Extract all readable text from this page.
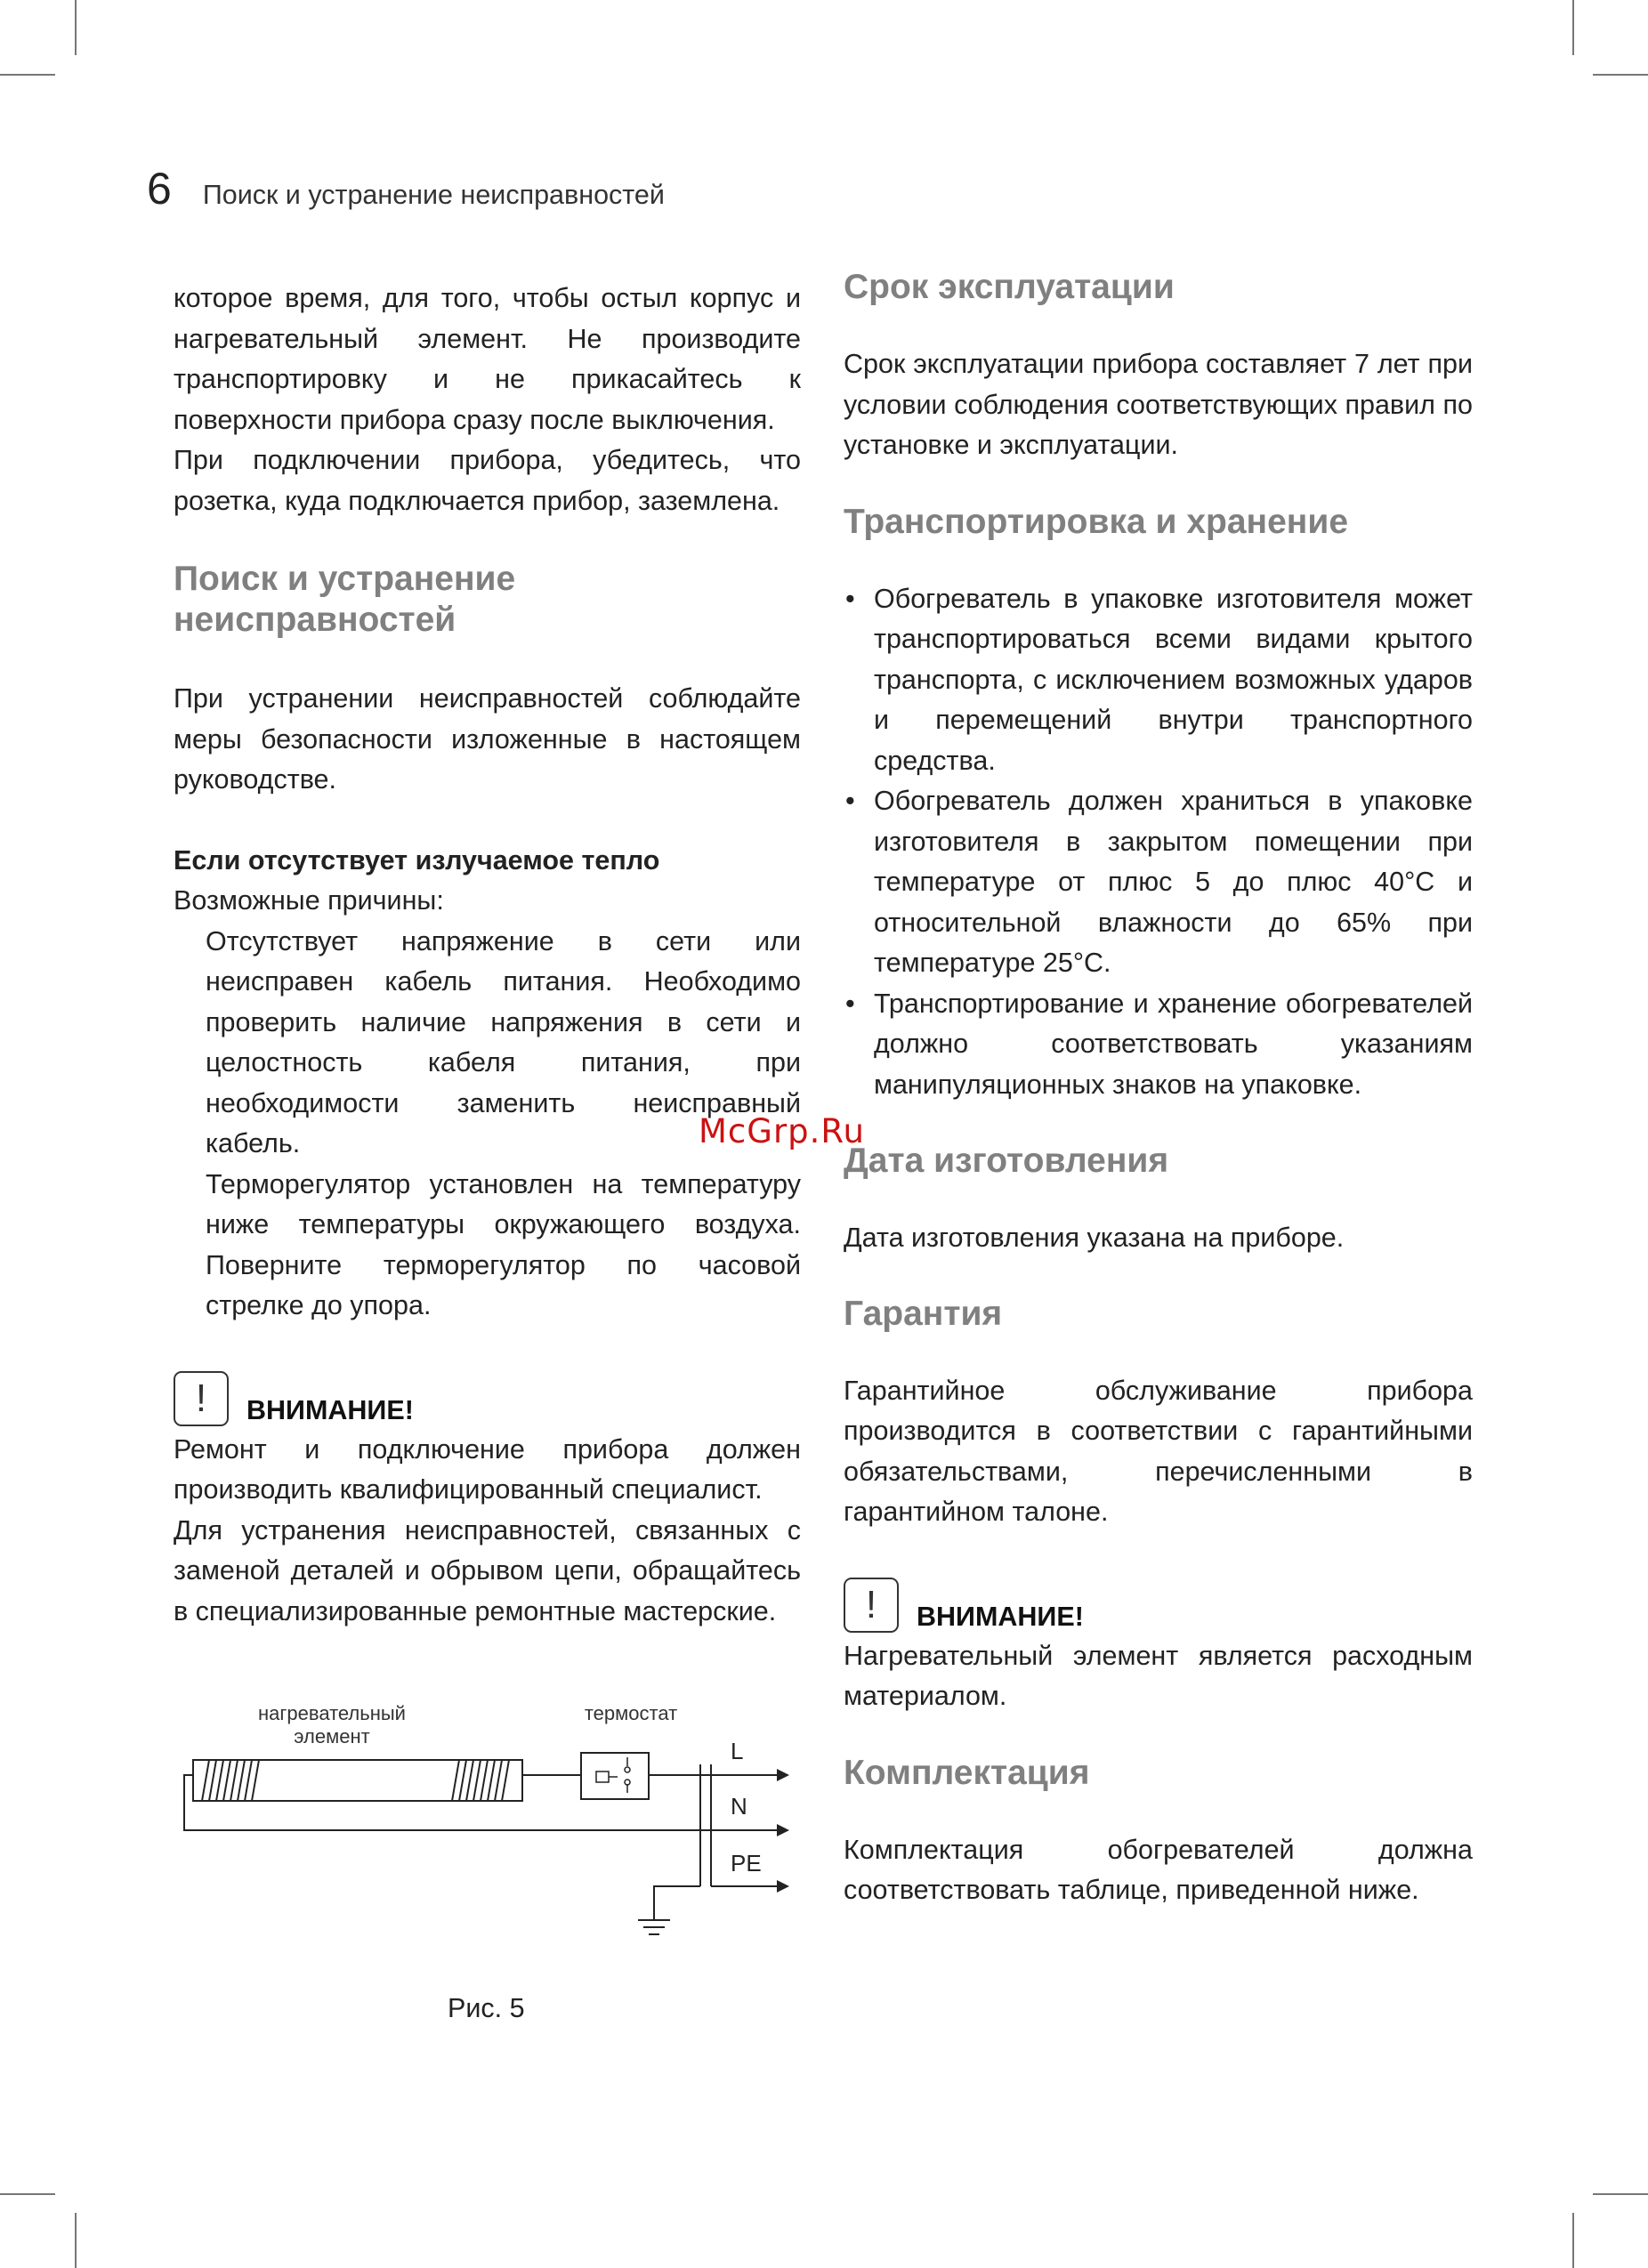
6 Поиск и устранение неисправностей

которое время, для того, чтобы остыл корпус и нагревательный элемент. Не производите транспортировку и не прикасайтесь к поверхности прибора сразу после выключения.

При подключении прибора, убедитесь, что розетка, куда подключается прибор, заземлена.

Поиск и устранение
неисправностей

При устранении неисправностей соблюдайте меры безопасности изложенные в настоящем руководстве.

Если отсутствует излучаемое тепло

Возможные причины:

Отсутствует напряжение в сети или неисправен кабель питания. Необходимо проверить наличие напряжения в сети и целостность кабеля питания, при необходимости заменить неисправный кабель.

Терморегулятор установлен на температуру ниже температуры окружающего воздуха. Поверните терморегулятор по часовой стрелке до упора.

!	ВНИМАНИЕ!

Ремонт и подключение прибора должен производить квалифицированный специалист.

Для устранения неисправностей, связанных с заменой деталей и обрывом цепи, обращайтесь в специализированные ремонтные мастерские.

нагревательный
элемент
термостат
L
N
PE
Рис. 5
Срок эксплуатации

Срок эксплуатации прибора составляет 7 лет при условии соблюдения соответствующих правил по установке и эксплуатации.

Транспортировка и хранение
• Обогреватель в упаковке изготовителя может транспортироваться всеми видами крытого транспорта, с исключением возможных ударов и перемещений внутри транспортного средства.
• Обогреватель должен храниться в упаковке изготовителя в закрытом помещении при температуре от плюс 5 до плюс 40°С и относительной влажности до 65% при температуре 25°С.
• Транспортирование и хранение обогревателей должно соответствовать указаниям манипуляционных знаков на упаковке.
Дата изготовления

Дата изготовления указана на приборе.

Гарантия

Гарантийное обслуживание прибора производится в соответствии с гарантийными обязательствами, перечисленными в гарантийном талоне.

!	ВНИМАНИЕ!

Нагревательный элемент является расходным материалом.

Комплектация

Комплектация обогревателей должна соответствовать таблице, приведенной ниже.

McGrp.Ru
